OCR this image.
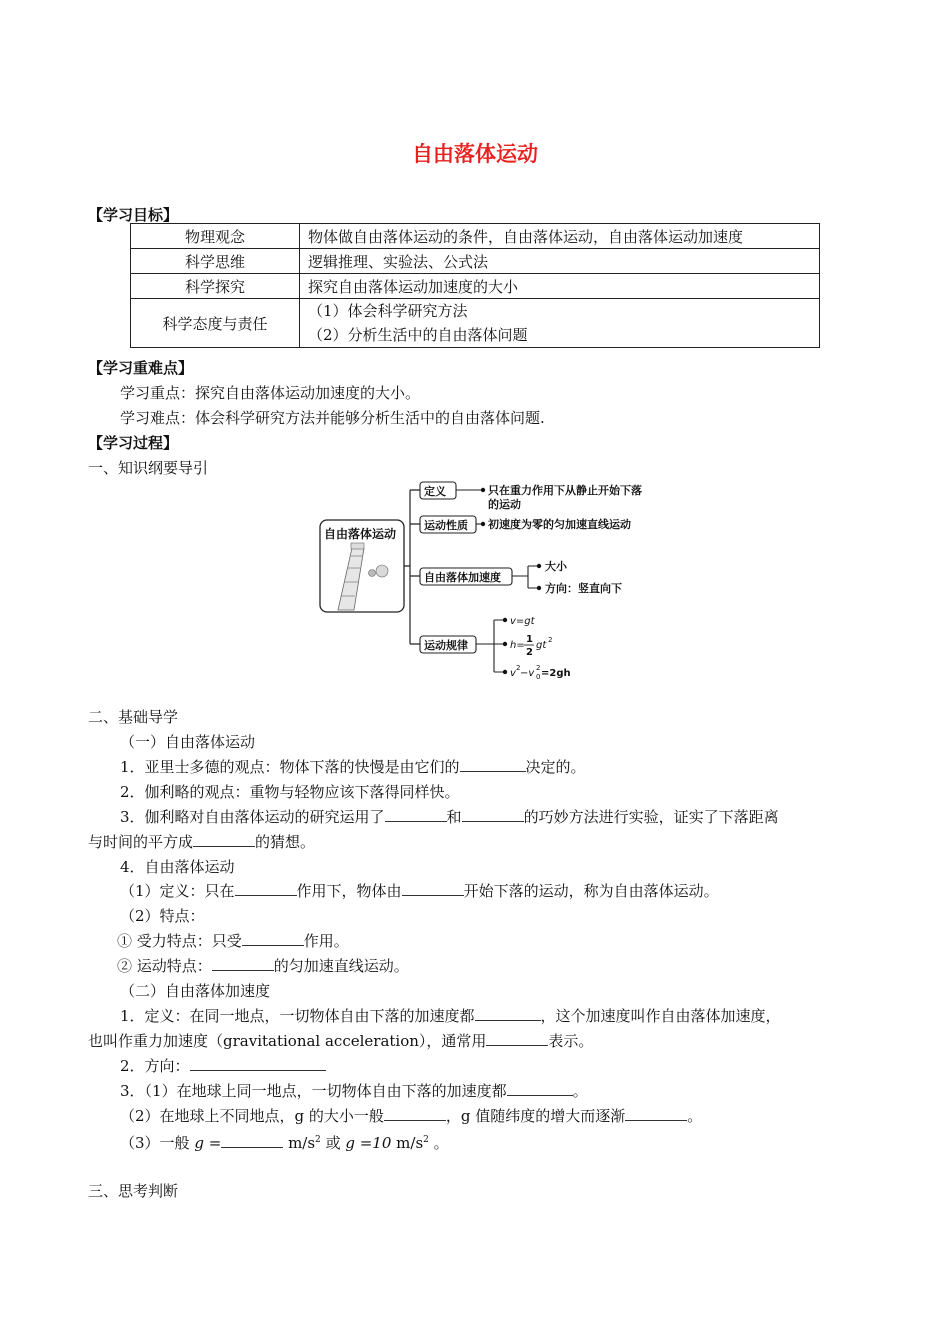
自由落体运动
【学习目标】
物理观念	物体做自由落体运动的条件，自由落体运动，自由落体运动加速度
科学思维	逻辑推理、实验法、公式法
科学探究	探究自由落体运动加速度的大小
科学态度与责任	（1）体会科学研究方法
（2）分析生活中的自由落体问题
【学习重难点】
学习重点：探究自由落体运动加速度的大小。
学习难点：体会科学研究方法并能够分析生活中的自由落体问题.
【学习过程】
一、知识纲要导引
自由落体运动
定义	只在重力作用下从静止开始下落
的运动
运动性质 初速度为零的匀加速直线运动
自由落体加速度
大小
方向：竖直向下
运动规律
v=gt
h=
1
2
gt 2
v 2 −v 2
0 =2gh
二、基础导学
（一）自由落体运动
1．亚里士多德的观点：物体下落的快慢是由它们的	决定的。
2．伽利略的观点：重物与轻物应该下落得同样快。
3．伽利略对自由落体运动的研究运用了	和	的巧妙方法进行实验，证实了下落距离
与时间的平方成	的猜想。
4．自由落体运动
（1）定义：只在	作用下，物体由	开始下落的运动，称为自由落体运动。
（2）特点：
① 受力特点：只受	作用。
② 运动特点：	的匀加速直线运动。
（二）自由落体加速度
1．定义：在同一地点，一切物体自由下落的加速度都	，这个加速度叫作自由落体加速度，
也叫作重力加速度（gravitational acceleration），通常用	表示。
2．方向：
3．（1）在地球上同一地点，一切物体自由下落的加速度都	。
（2）在地球上不同地点，g 的大小一般	，g 值随纬度的增大而逐渐	。
（3）一般 g =	$m/s^2$ 或 g =10 $m/s^2$ 。
三、思考判断
